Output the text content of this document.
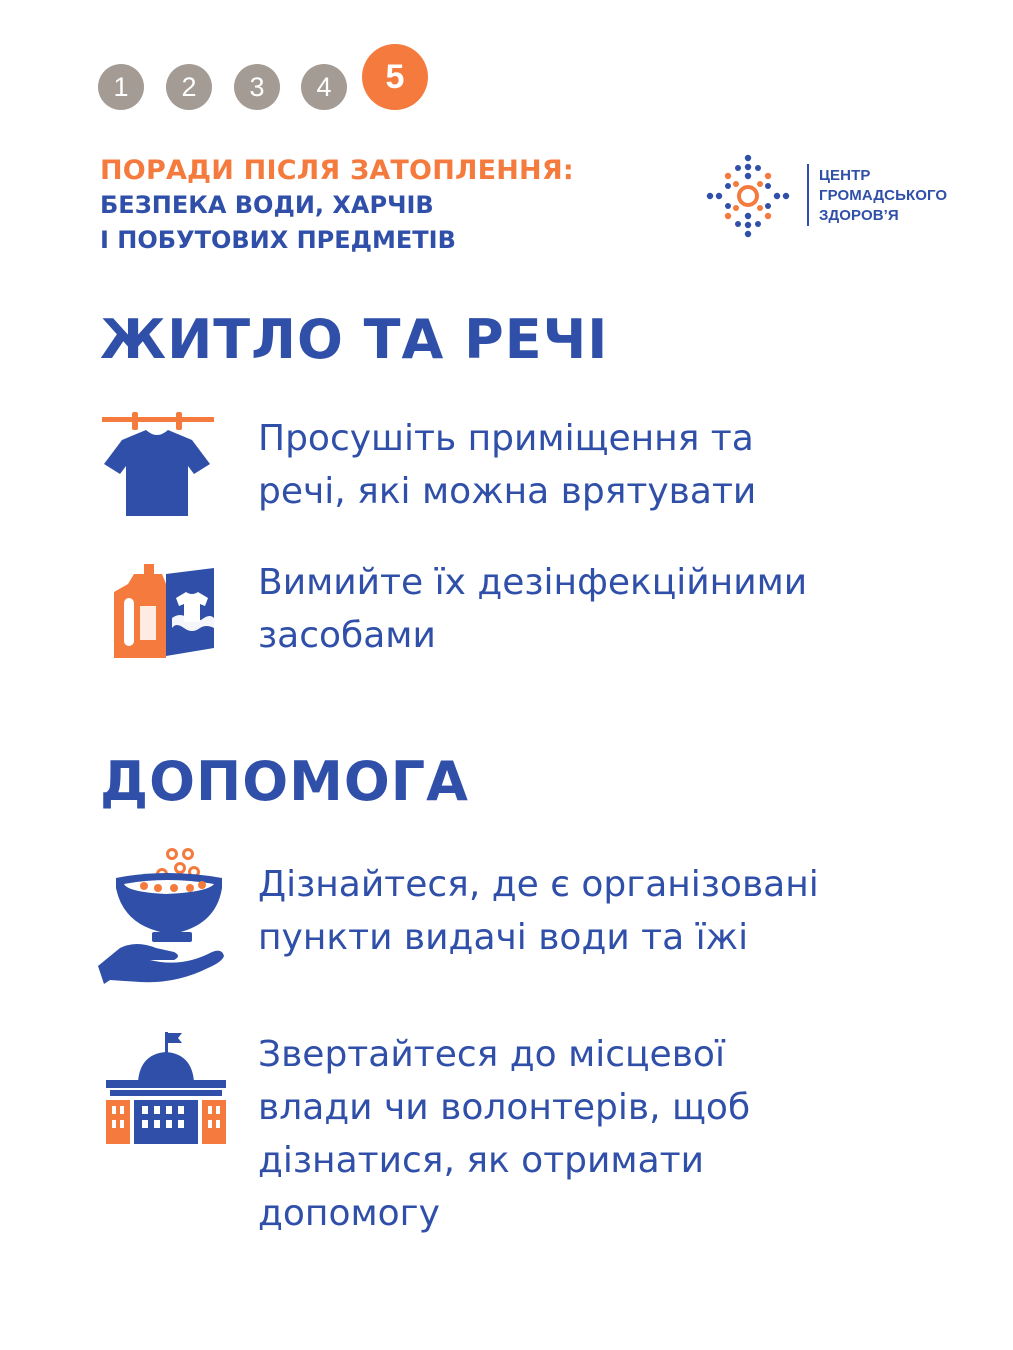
1	2	3	4	5
ПОРАДИ ПІСЛЯ ЗАТОПЛЕННЯ:
БЕЗПЕКА ВОДИ, ХАРЧІВ
І ПОБУТОВИХ ПРЕДМЕТІВ
ЦЕНТР
ГРОМАДСЬКОГО
ЗДОРОВ’Я
ЖИТЛО ТА РЕЧІ
Просушіть приміщення та
речі, які можна врятувати
Вимийте їх дезінфекційними
засобами
ДОПОМОГА
Дізнайтеся, де є організовані
пункти видачі води та їжі
Звертайтеся до місцевої
влади чи волонтерів, щоб
дізнатися, як отримати
допомогу
